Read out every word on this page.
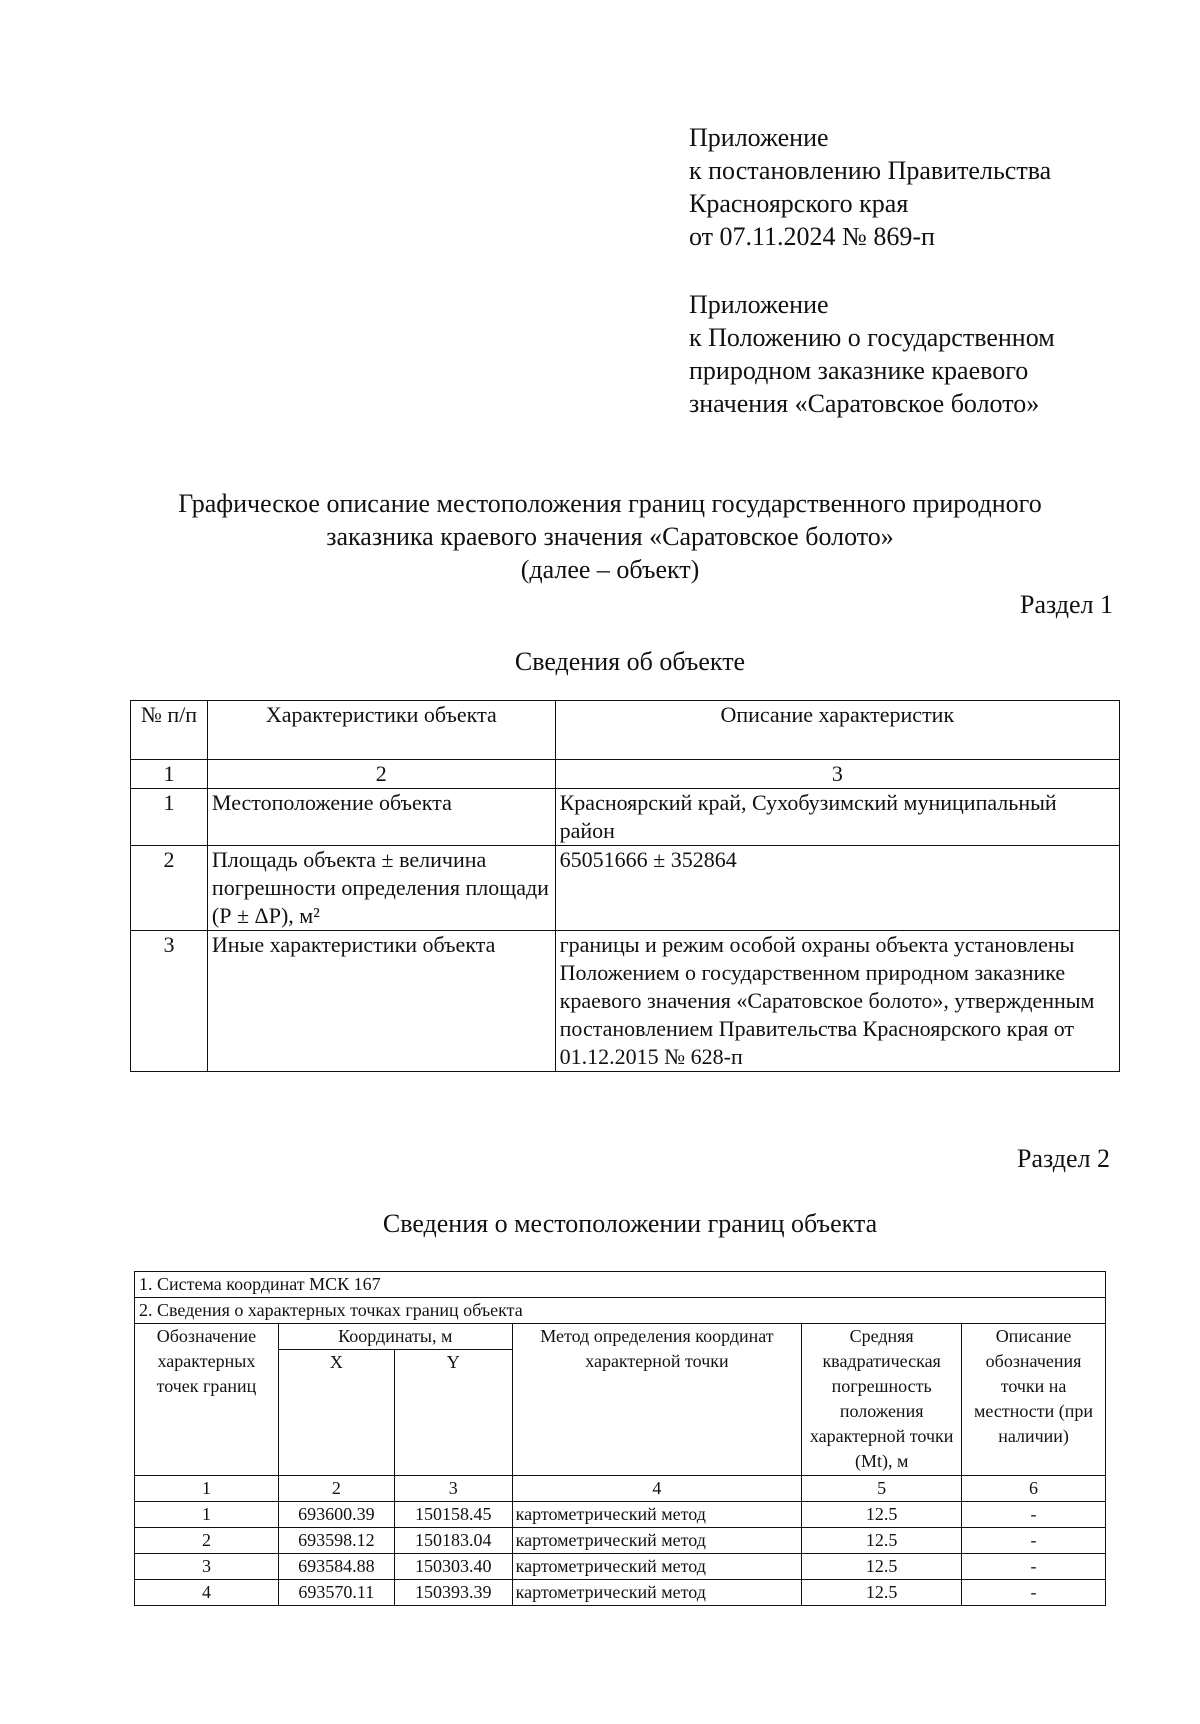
Приложение
к постановлению Правительства
Красноярского края
от 07.11.2024 № 869-п
Приложение
к Положению о государственном
природном заказнике краевого
значения «Саратовское болото»
Графическое описание местоположения границ государственного природного
заказника краевого значения «Саратовское болото»
(далее – объект)
Раздел 1
Сведения об объекте
№ п/п	Характеристики объекта	Описание характеристик
1	2	3
1	Местоположение объекта	Красноярский край, Сухобузимский муниципальный район
2	Площадь объекта ± величина погрешности определения площади (Р ± ΔР), м²	65051666 ± 352864
3	Иные характеристики объекта	границы и режим особой охраны объекта установлены Положением о государственном природном заказнике краевого значения «Саратовское болото», утвержденным постановлением Правительства Красноярского края от 01.12.2015 № 628-п
Раздел 2
Сведения о местоположении границ объекта
1. Система координат МСК 167					
2. Сведения о характерных точках границ объекта					
Обозначение характерных точек границ	Координаты, м		Метод определения координат характерной точки	Средняя квадратическая погрешность положения характерной точки (Mt), м	Описание обозначения точки на местности (при наличии)
	X	Y			
1	2	3	4	5	6
1	693600.39	150158.45	картометрический метод	12.5	-
2	693598.12	150183.04	картометрический метод	12.5	-
3	693584.88	150303.40	картометрический метод	12.5	-
4	693570.11	150393.39	картометрический метод	12.5	-
